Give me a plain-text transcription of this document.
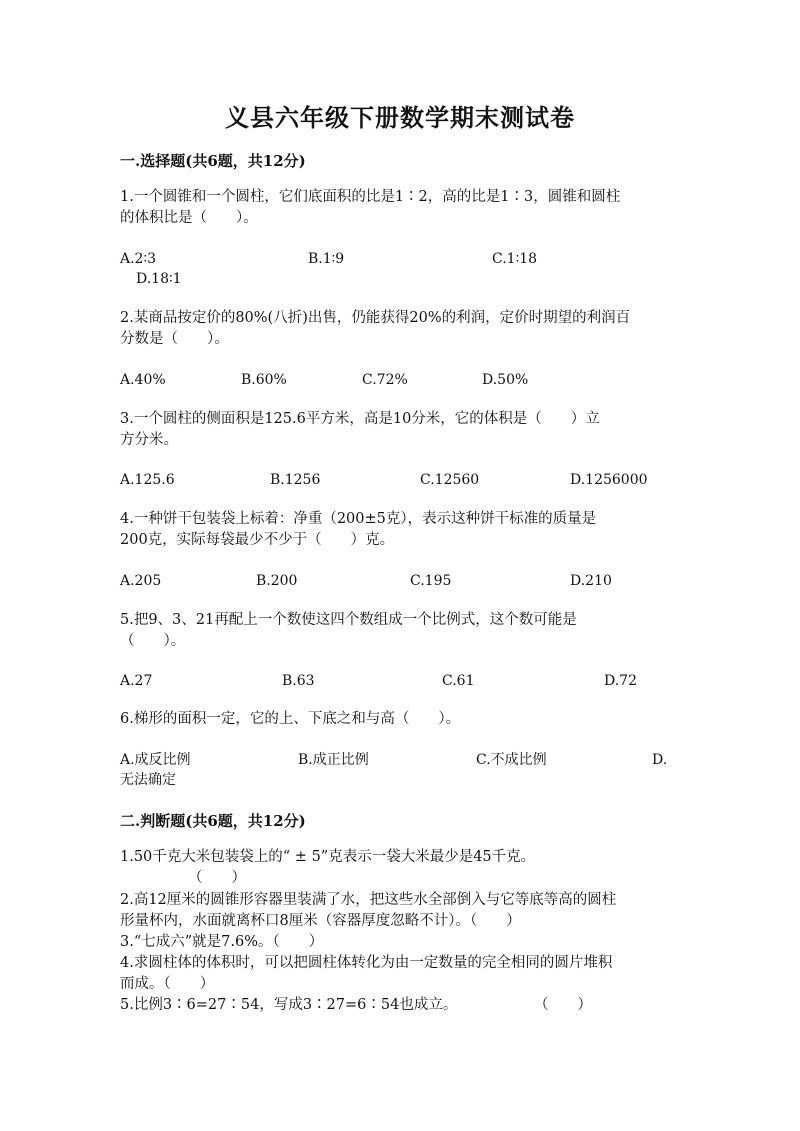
义县六年级下册数学期末测试卷
一.选择题(共6题，共12分)
1.一个圆锥和一个圆柱，它们底面积的比是1∶2，高的比是1∶3，圆锥和圆柱
的体积比是（　　）。
A.2∶3	B.1∶9	C.1∶18
D.18∶1
2.某商品按定价的80%(八折)出售，仍能获得20%的利润，定价时期望的利润百
分数是（　　）。
A.40%	B.60%	C.72%	D.50%
3.一个圆柱的侧面积是125.6平方米，高是10分米，它的体积是（　　）立
方分米。
A.125.6	B.1256	C.12560	D.1256000
4.一种饼干包装袋上标着：净重（200±5克），表示这种饼干标准的质量是
200克，实际每袋最少不少于（　　）克。
A.205	B.200	C.195	D.210
5.把9、3、21再配上一个数使这四个数组成一个比例式，这个数可能是
（　　）。
A.27	B.63	C.61	D.72
6.梯形的面积一定，它的上、下底之和与高（　　）。
A.成反比例	B.成正比例	C.不成比例	D.
无法确定
二.判断题(共6题，共12分)
1.50千克大米包装袋上的“ ± 5”克表示一袋大米最少是45千克。
（　　）
2.高12厘米的圆锥形容器里装满了水，把这些水全部倒入与它等底等高的圆柱
形量杯内，水面就离杯口8厘米（容器厚度忽略不计）。（　　）
3.“七成六”就是7.6%。（　　）
4.求圆柱体的体积时，可以把圆柱体转化为由一定数量的完全相同的圆片堆积
而成。（　　）
5.比例3∶6=27∶54，写成3∶27=6∶54也成立。	（　　）
